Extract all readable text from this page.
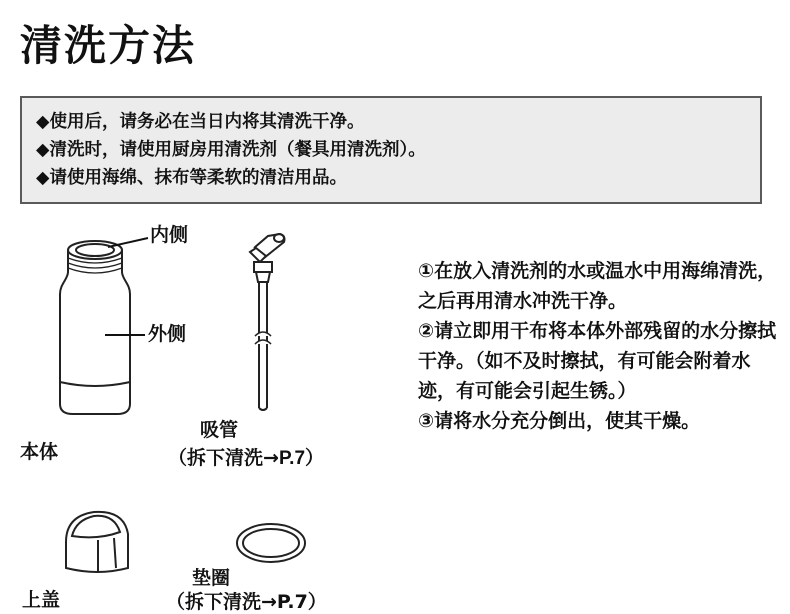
清洗方法
◆使用后，请务必在当日内将其清洗干净。
◆清洗时，请使用厨房用清洗剂（餐具用清洗剂）。
◆请使用海绵、抹布等柔软的清洁用品。
内侧
外侧
本体
吸管
（拆下清洗→P.7）

①在放入清洗剂的水或温水中用海绵清洗，之后再用清水冲洗干净。

②请立即用干布将本体外部残留的水分擦拭干净。（如不及时擦拭，有可能会附着水迹，有可能会引起生锈。）

③请将水分充分倒出，使其干燥。

上盖
垫圈
（拆下清洗→P.7）
